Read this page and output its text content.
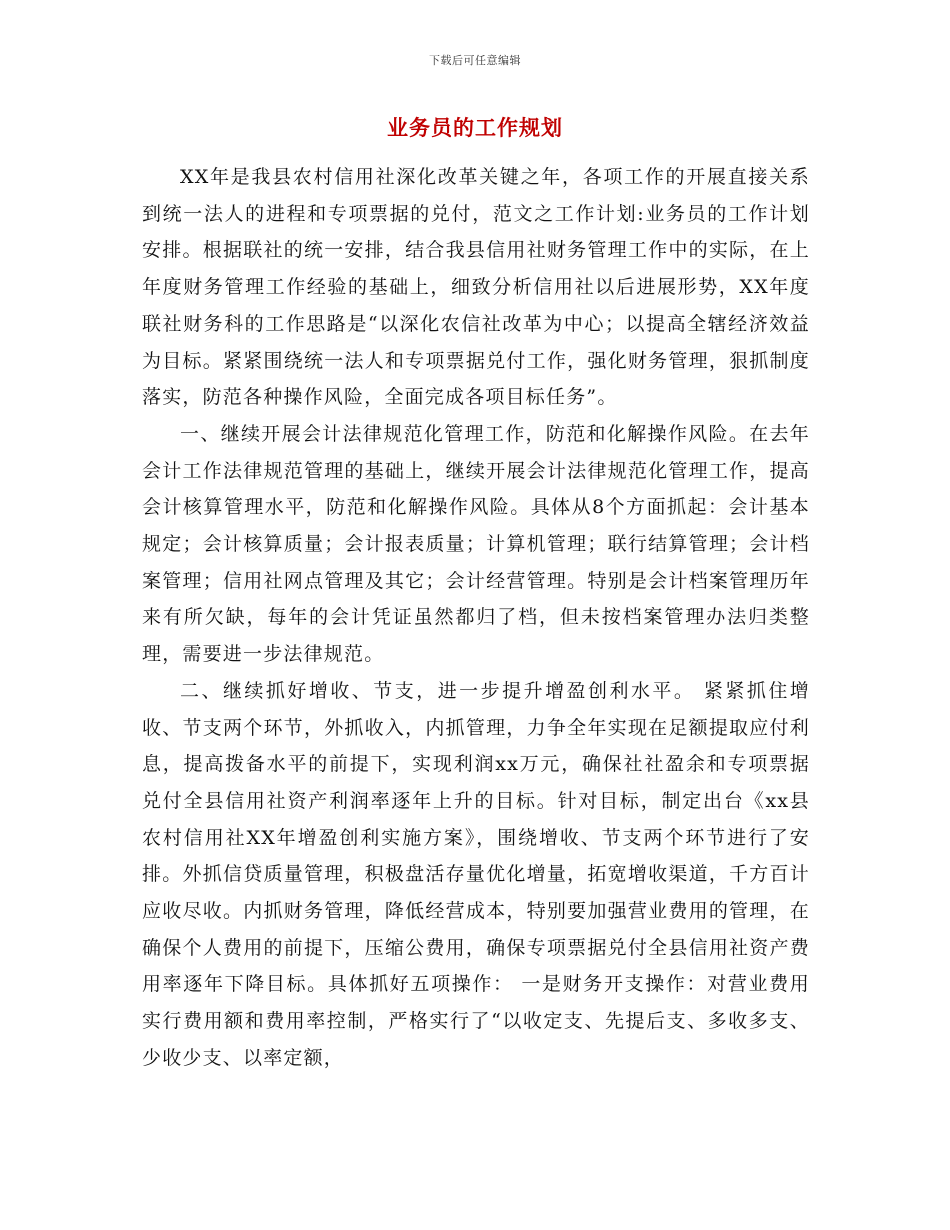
下载后可任意编辑
业务员的工作规划

XX年是我县农村信用社深化改革关键之年，各项工作的开展直接关系到统一法人的进程和专项票据的兑付，范文之工作计划:业务员的工作计划安排。根据联社的统一安排，结合我县信用社财务管理工作中的实际，在上年度财务管理工作经验的基础上，细致分析信用社以后进展形势，XX年度联社财务科的工作思路是“以深化农信社改革为中心；以提高全辖经济效益为目标。紧紧围绕统一法人和专项票据兑付工作，强化财务管理，狠抓制度落实，防范各种操作风险，全面完成各项目标任务”。

一、继续开展会计法律规范化管理工作，防范和化解操作风险。在去年会计工作法律规范管理的基础上，继续开展会计法律规范化管理工作，提高会计核算管理水平，防范和化解操作风险。具体从8个方面抓起：会计基本规定；会计核算质量；会计报表质量；计算机管理；联行结算管理；会计档案管理；信用社网点管理及其它；会计经营管理。特别是会计档案管理历年来有所欠缺，每年的会计凭证虽然都归了档，但未按档案管理办法归类整理，需要进一步法律规范。

二、继续抓好增收、节支，进一步提升增盈创利水平。 紧紧抓住增收、节支两个环节，外抓收入，内抓管理，力争全年实现在足额提取应付利息，提高拨备水平的前提下，实现利润xx万元，确保社社盈余和专项票据兑付全县信用社资产利润率逐年上升的目标。针对目标，制定出台《xx县农村信用社XX年增盈创利实施方案》，围绕增收、节支两个环节进行了安排。外抓信贷质量管理，积极盘活存量优化增量，拓宽增收渠道，千方百计应收尽收。内抓财务管理，降低经营成本，特别要加强营业费用的管理，在确保个人费用的前提下，压缩公费用，确保专项票据兑付全县信用社资产费用率逐年下降目标。具体抓好五项操作： 一是财务开支操作：对营业费用实行费用额和费用率控制，严格实行了“以收定支、先提后支、多收多支、少收少支、以率定额，
